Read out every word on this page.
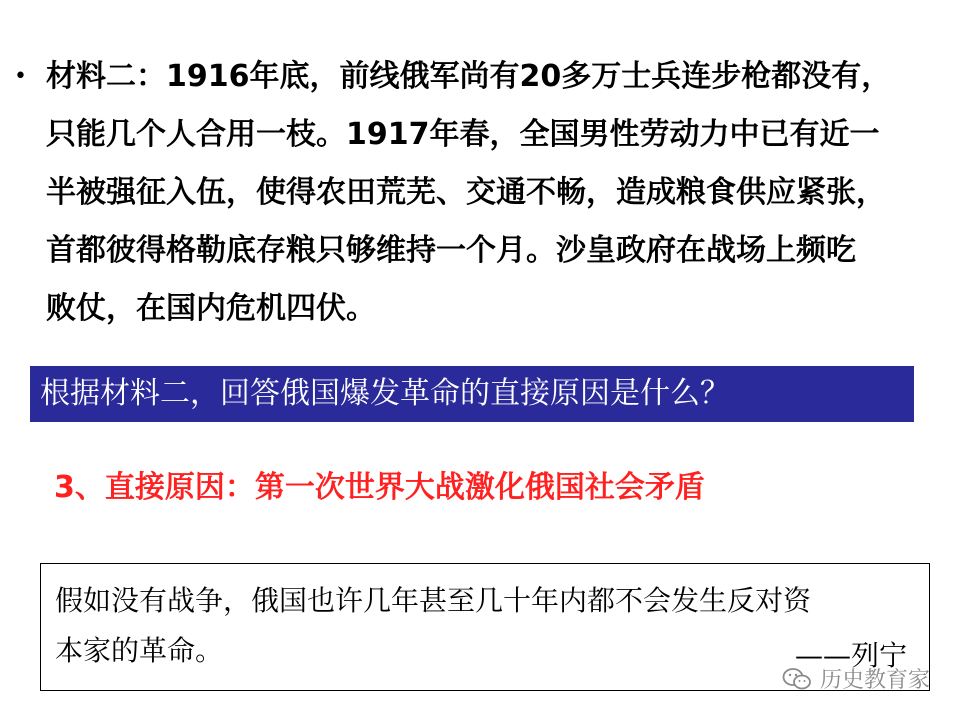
• 材料二：1916年底，前线俄军尚有20多万士兵连步枪都没有，
只能几个人合用一枝。1917年春，全国男性劳动力中已有近一
半被强征入伍，使得农田荒芜、交通不畅，造成粮食供应紧张，
首都彼得格勒底存粮只够维持一个月。沙皇政府在战场上频吃
败仗，在国内危机四伏。
根据材料二，回答俄国爆发革命的直接原因是什么？
3、直接原因：第一次世界大战激化俄国社会矛盾
假如没有战争，俄国也许几年甚至几十年内都不会发生反对资
本家的革命。	——列宁
历史教育家
